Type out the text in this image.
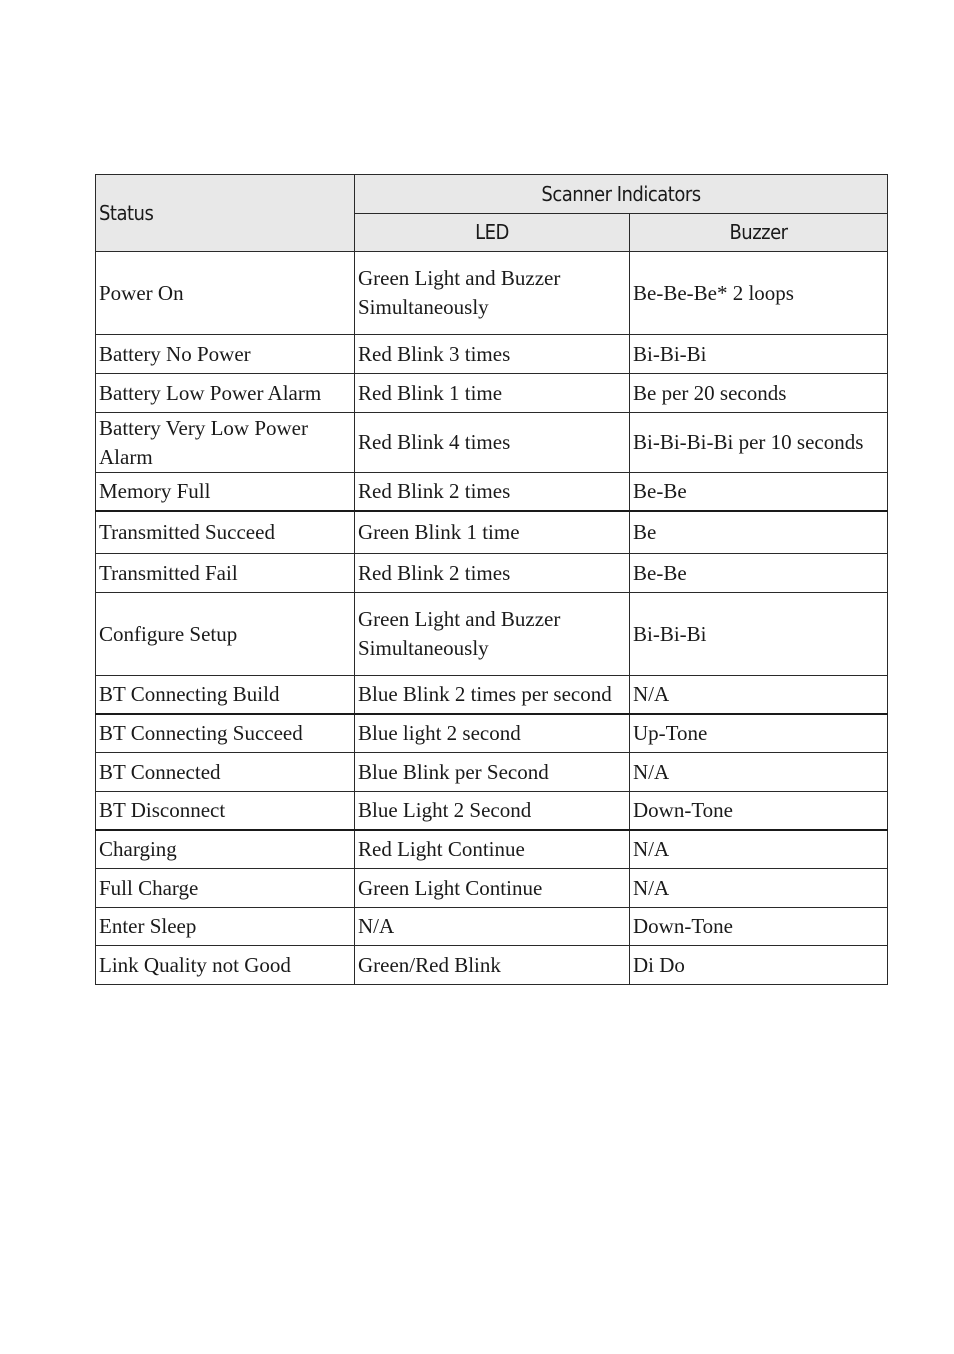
Status	Scanner Indicators	
	LED	Buzzer
Power On	Green Light and Buzzer Simultaneously	Be-Be-Be* 2 loops
Battery No Power	Red Blink 3 times	Bi-Bi-Bi
Battery Low Power Alarm	Red Blink 1 time	Be per 20 seconds
Battery Very Low Power Alarm	Red Blink 4 times	Bi-Bi-Bi-Bi per 10 seconds
Memory Full	Red Blink 2 times	Be-Be
Transmitted Succeed	Green Blink 1 time	Be
Transmitted Fail	Red Blink 2 times	Be-Be
Configure Setup	Green Light and Buzzer Simultaneously	Bi-Bi-Bi
BT Connecting Build	Blue Blink 2 times per second	N/A
BT Connecting Succeed	Blue light 2 second	Up-Tone
BT Connected	Blue Blink per Second	N/A
BT Disconnect	Blue Light 2 Second	Down-Tone
Charging	Red Light Continue	N/A
Full Charge	Green Light Continue	N/A
Enter Sleep	N/A	Down-Tone
Link Quality not Good	Green/Red Blink	Di Do
